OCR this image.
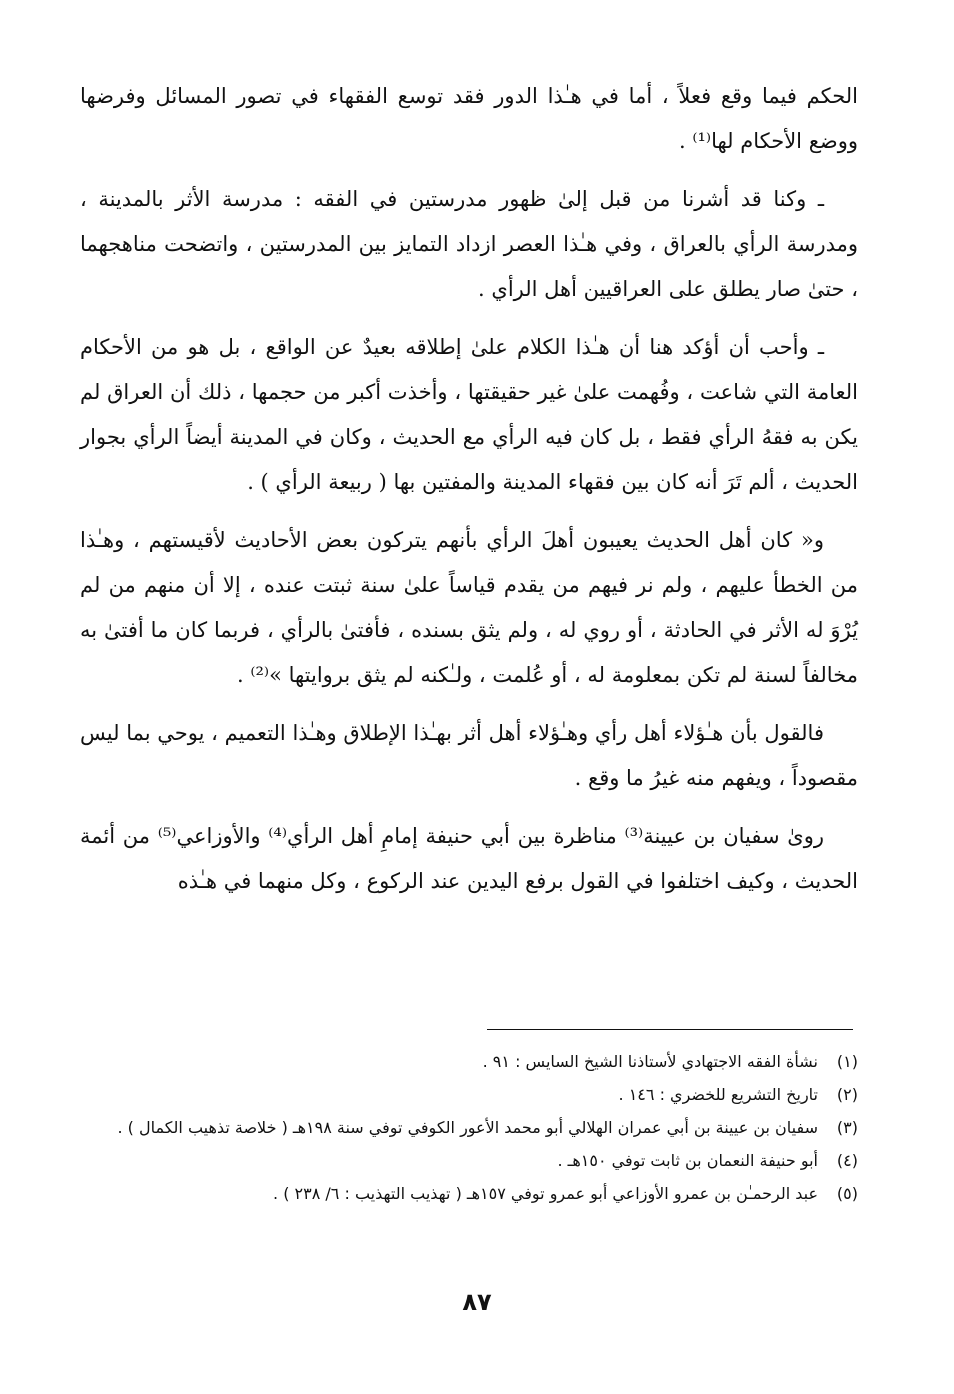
الحكم فيما وقع فعلاً ، أما في هـٰذا الدور فقد توسع الفقهاء في تصور المسائل وفرضها ووضع الأحكام لها⁽¹⁾ .

ـ وكنا قد أشرنا من قبل إلىٰ ظهور مدرستين في الفقه : مدرسة الأثر بالمدينة ، ومدرسة الرأي بالعراق ، وفي هـٰذا العصر ازداد التمايز بين المدرستين ، واتضحت مناهجهما ، حتىٰ صار يطلق على العراقيين أهل الرأي .

ـ وأحب أن أؤكد هنا أن هـٰذا الكلام علىٰ إطلاقه بعيدٌ عن الواقع ، بل هو من الأحكام العامة التي شاعت ، وفُهمت علىٰ غير حقيقتها ، وأخذت أكبر من حجمها ، ذلك أن العراق لم يكن به فقهُ الرأي فقط ، بل كان فيه الرأي مع الحديث ، وكان في المدينة أيضاً الرأي بجوار الحديث ، ألم تَرَ أنه كان بين فقهاء المدينة والمفتين بها ( ربيعة الرأي ) .

و« كان أهل الحديث يعيبون أهلَ الرأي بأنهم يتركون بعض الأحاديث لأقيستهم ، وهـٰذا من الخطأ عليهم ، ولم نر فيهم من يقدم قياساً علىٰ سنة ثبتت عنده ، إلا أن منهم من لم يُرْوَ له الأثر في الحادثة ، أو روي له ، ولم يثق بسنده ، فأفتىٰ بالرأي ، فربما كان ما أفتىٰ به مخالفاً لسنة لم تكن بمعلومة له ، أو عُلمت ، ولـٰكنه لم يثق بروايتها »⁽²⁾ .

فالقول بأن هـٰؤلاء أهل رأي وهـٰؤلاء أهل أثر بهـٰذا الإطلاق وهـٰذا التعميم ، يوحي بما ليس مقصوداً ، ويفهم منه غيرُ ما وقع .

روىٰ سفيان بن عيينة⁽³⁾ مناظرة بين أبي حنيفة إمامِ أهل الرأي⁽⁴⁾ والأوزاعي⁽⁵⁾ من أئمة الحديث ، وكيف اختلفوا في القول برفع اليدين عند الركوع ، وكل منهما في هـٰذه

(١)
نشأة الفقه الاجتهادي لأستاذنا الشيخ السايس : ٩١ .
(٢)
تاريخ التشريع للخضري : ١٤٦ .
(٣)
سفيان بن عيينة بن أبي عمران الهلالي أبو محمد الأعور الكوفي توفي سنة ١٩٨هـ ( خلاصة تذهيب الكمال ) .
(٤)
أبو حنيفة النعمان بن ثابت توفي ١٥٠هـ .
(٥)
عبد الرحمـٰن بن عمرو الأوزاعي أبو عمرو توفي ١٥٧هـ ( تهذيب التهذيب : ٦/ ٢٣٨ ) .
٨٧
